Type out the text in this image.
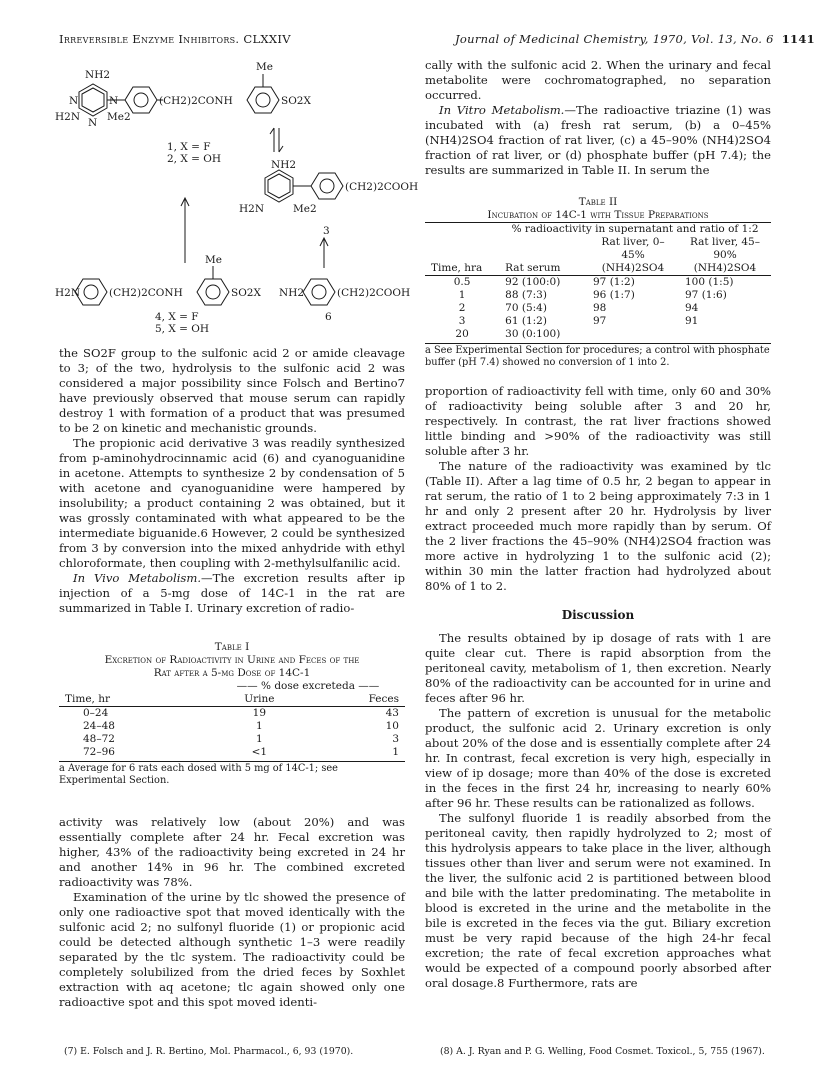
Irreversible Enzyme Inhibitors. CLXXIV	Journal of Medicinal Chemistry, 1970, Vol. 13, No. 6 1141
NH2
N	N
H2N N Me2
(CH2)2CONH	SO2X
Me
1, X = F
2, X = OH	NH2
(CH2)2COOH
H2N	Me2
3
Me
H2N	(CH2)2CONH	SO2X
4, X = F
5, X = OH
NH2	(CH2)2COOH
6

the SO2F group to the sulfonic acid 2 or amide cleavage to 3; of the two, hydrolysis to the sulfonic acid 2 was considered a major possibility since Folsch and Bertino7 have previously observed that mouse serum can rapidly destroy 1 with formation of a product that was presumed to be 2 on kinetic and mechanistic grounds.

The propionic acid derivative 3 was readily synthesized from p-aminohydrocinnamic acid (6) and cyanoguanidine in acetone. Attempts to synthesize 2 by condensation of 5 with acetone and cyanoguanidine were hampered by insolubility; a product containing 2 was obtained, but it was grossly contaminated with what appeared to be the intermediate biguanide.6 However, 2 could be synthesized from 3 by conversion into the mixed anhydride with ethyl chloroformate, then coupling with 2-methylsulfanilic acid.

In Vivo Metabolism.—The excretion results after ip injection of a 5-mg dose of 14C-1 in the rat are summarized in Table I. Urinary excretion of radio-

Table I
Excretion of Radioactivity in Urine and Feces of the
Rat after a 5-mg Dose of 14C-1
	—— % dose excreteda ——	
Time, hr	Urine	Feces
0–24	19	43
24–48	1	10
48–72	1	3
72–96	<1	1
a Average for 6 rats each dosed with 5 mg of 14C-1; see Experimental Section.

activity was relatively low (about 20%) and was essentially complete after 24 hr. Fecal excretion was higher, 43% of the radioactivity being excreted in 24 hr and another 14% in 96 hr. The combined excreted radioactivity was 78%.

Examination of the urine by tlc showed the presence of only one radioactive spot that moved identically with the sulfonic acid 2; no sulfonyl fluoride (1) or propionic acid could be detected although synthetic 1–3 were readily separated by the tlc system. The radioactivity could be completely solubilized from the dried feces by Soxhlet extraction with aq acetone; tlc again showed only one radioactive spot and this spot moved identi-

cally with the sulfonic acid 2. When the urinary and fecal metabolite were cochromatographed, no separation occurred.

In Vitro Metabolism.—The radioactive triazine (1) was incubated with (a) fresh rat serum, (b) a 0–45% (NH4)2SO4 fraction of rat liver, (c) a 45–90% (NH4)2SO4 fraction of rat liver, or (d) phosphate buffer (pH 7.4); the results are summarized in Table II. In serum the

Table II
Incubation of 14C-1 with Tissue Preparations
	% radioactivity in supernatant and ratio of 1:2		
Time, hra	Rat serum	Rat liver, 0–45% (NH4)2SO4	Rat liver, 45–90% (NH4)2SO4
0.5	92 (100:0)	97 (1:2)	100 (1:5)
1	88 (7:3)	96 (1:7)	97 (1:6)
2	70 (5:4)	98	94
3	61 (1:2)	97	91
20	30 (0:100)		
a See Experimental Section for procedures; a control with phosphate buffer (pH 7.4) showed no conversion of 1 into 2.

proportion of radioactivity fell with time, only 60 and 30% of radioactivity being soluble after 3 and 20 hr, respectively. In contrast, the rat liver fractions showed little binding and >90% of the radioactivity was still soluble after 3 hr.

The nature of the radioactivity was examined by tlc (Table II). After a lag time of 0.5 hr, 2 began to appear in rat serum, the ratio of 1 to 2 being approximately 7:3 in 1 hr and only 2 present after 20 hr. Hydrolysis by liver extract proceeded much more rapidly than by serum. Of the 2 liver fractions the 45–90% (NH4)2SO4 fraction was more active in hydrolyzing 1 to the sulfonic acid (2); within 30 min the latter fraction had hydrolyzed about 80% of 1 to 2.

Discussion

The results obtained by ip dosage of rats with 1 are quite clear cut. There is rapid absorption from the peritoneal cavity, metabolism of 1, then excretion. Nearly 80% of the radioactivity can be accounted for in urine and feces after 96 hr.

The pattern of excretion is unusual for the metabolic product, the sulfonic acid 2. Urinary excretion is only about 20% of the dose and is essentially complete after 24 hr. In contrast, fecal excretion is very high, especially in view of ip dosage; more than 40% of the dose is excreted in the feces in the first 24 hr, increasing to nearly 60% after 96 hr. These results can be rationalized as follows.

The sulfonyl fluoride 1 is readily absorbed from the peritoneal cavity, then rapidly hydrolyzed to 2; most of this hydrolysis appears to take place in the liver, although tissues other than liver and serum were not examined. In the liver, the sulfonic acid 2 is partitioned between blood and bile with the latter predominating. The metabolite in blood is excreted in the urine and the metabolite in the bile is excreted in the feces via the gut. Biliary excretion must be very rapid because of the high 24-hr fecal excretion; the rate of fecal excretion approaches what would be expected of a compound poorly absorbed after oral dosage.8 Furthermore, rats are

(7) E. Folsch and J. R. Bertino, Mol. Pharmacol., 6, 93 (1970).	(8) A. J. Ryan and P. G. Welling, Food Cosmet. Toxicol., 5, 755 (1967).
